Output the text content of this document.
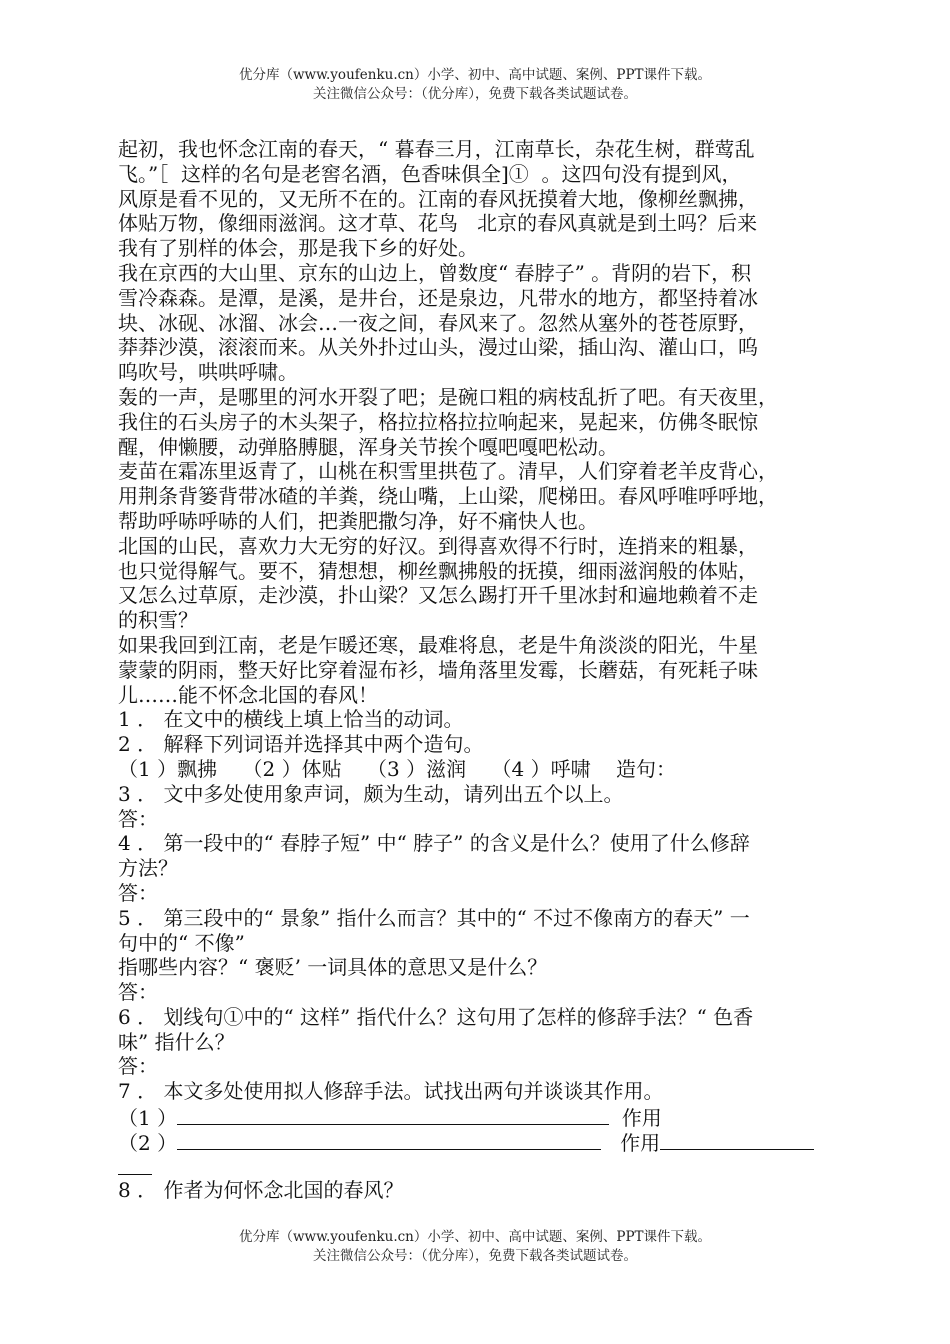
优分库（www.youfenku.cn）小学、初中、高中试题、案例、PPT课件下载。
关注微信公众号：（优分库），免费下载各类试题试卷。
起初，我也怀念江南的春天，“ 暮春三月，江南草长，杂花生树，群莺乱
飞。”［  这样的名句是老窖名酒，色香味俱全]①  。这四句没有提到风，
风原是看不见的，又无所不在的。江南的春风抚摸着大地，像柳丝飘拂，
体贴万物，像细雨滋润。这才草、花鸟   北京的春风真就是到土吗？后来
我有了别样的体会，那是我下乡的好处。
我在京西的大山里、京东的山边上，曾数度“ 春脖子” 。背阴的岩下，积
雪冷森森。是潭，是溪，是井台，还是泉边，凡带水的地方，都坚持着冰
块、冰砚、冰溜、冰会…一夜之间，春风来了。忽然从塞外的苍苍原野，
莽莽沙漠，滚滚而来。从关外扑过山头，漫过山梁，插山沟、灌山口，呜
呜吹号，哄哄呼啸。
轰的一声，是哪里的河水开裂了吧；是碗口粗的病枝乱折了吧。有天夜里，
我住的石头房子的木头架子，格拉拉格拉拉响起来，晃起来，仿佛冬眠惊
醒，伸懒腰，动弹胳膊腿，浑身关节挨个嘎吧嘎吧松动。
麦苗在霜冻里返青了，山桃在积雪里拱苞了。清早，人们穿着老羊皮背心，
用荆条背篓背带冰碴的羊粪，绕山嘴，上山梁，爬梯田。春风呼唯呼呼地，
帮助呼哧呼哧的人们，把粪肥撒匀净，好不痛快人也。
北国的山民，喜欢力大无穷的好汉。到得喜欢得不行时，连捎来的粗暴，
也只觉得解气。要不，猜想想，柳丝飘拂般的抚摸，细雨滋润般的体贴，
又怎么过草原，走沙漠，扑山梁？又怎么踢打开千里冰封和遍地赖着不走
的积雪？
如果我回到江南，老是乍暖还寒，最难将息，老是牛角淡淡的阳光，牛星
蒙蒙的阴雨，整天好比穿着湿布衫，墙角落里发霉，长蘑菇，有死耗子味
儿……能不怀念北国的春风！
1 ． 在文中的横线上填上恰当的动词。
2 ． 解释下列词语并选择其中两个造句。
（1 ）飘拂    （2 ）体贴    （3 ）滋润    （4 ）呼啸    造句：
3 ． 文中多处使用象声词，颇为生动，请列出五个以上。
答：
4 ． 第一段中的“ 春脖子短” 中“ 脖子” 的含义是什么？使用了什么修辞
方法？
答：
5 ． 第三段中的“ 景象” 指什么而言？其中的“ 不过不像南方的春天” 一
句中的“ 不像”
指哪些内容？“ 褒贬’ 一词具体的意思又是什么？
答：
6 ． 划线句①中的“ 这样” 指代什么？这句用了怎样的修辞手法？“ 色香
味” 指什么？
答：
7 ． 本文多处使用拟人修辞手法。试找出两句并谈谈其作用。
（1 ）	作用
（2 ）	作用
8 ． 作者为何怀念北国的春风？
优分库（www.youfenku.cn）小学、初中、高中试题、案例、PPT课件下载。
关注微信公众号：（优分库），免费下载各类试题试卷。
